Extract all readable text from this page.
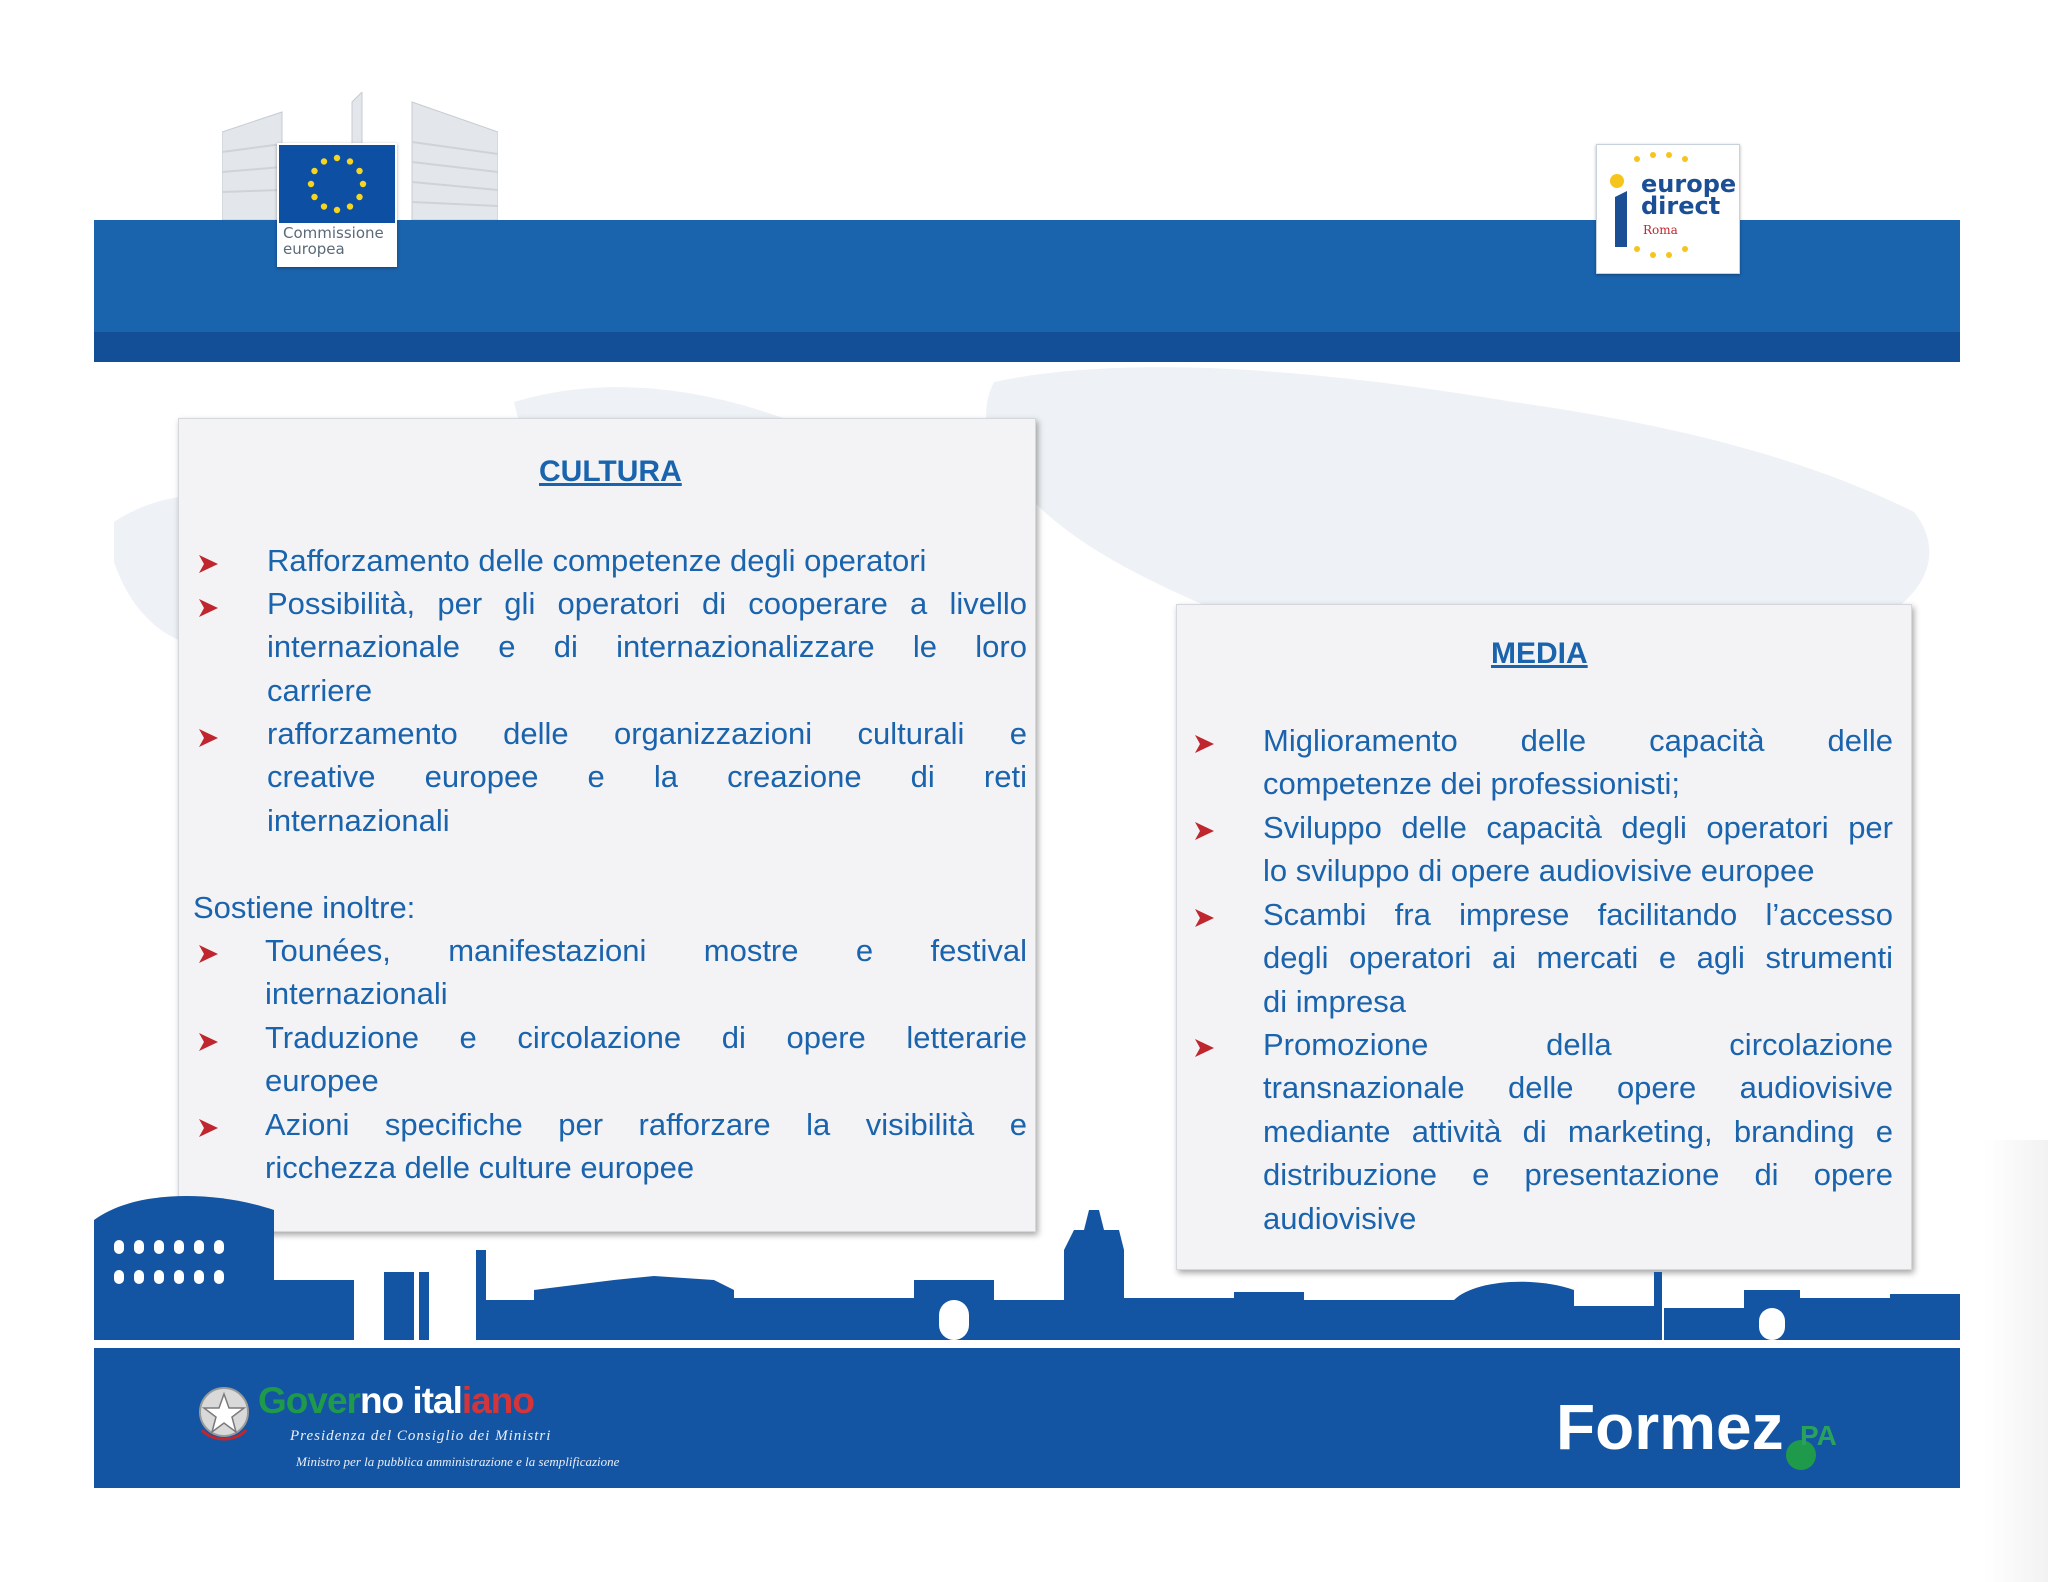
Commissione
europea
europe
direct
Roma
CULTURA
Rafforzamento delle competenze degli operatori
Possibilità, per gli operatori di cooperare a livello
internazionale e di internazionalizzare le loro
carriere
rafforzamento delle organizzazioni culturali e
creative europee e la creazione di reti
internazionali
Sostiene inoltre:
Tounées, manifestazioni mostre e festival
internazionali
Traduzione e circolazione di opere letterarie
europee
Azioni specifiche per rafforzare la visibilità e
ricchezza delle culture europee
MEDIA
Miglioramento delle capacità delle
competenze dei professionisti;
Sviluppo delle capacità degli operatori per
lo sviluppo di opere audiovisive europee
Scambi fra imprese facilitando l’accesso
degli operatori ai mercati e agli strumenti
di impresa
Promozione della circolazione
transnazionale delle opere audiovisive
mediante attività di marketing, branding e
distribuzione e presentazione di opere
audiovisive
Governo italiano
Presidenza del Consiglio dei Ministri
Ministro per la pubblica amministrazione e la semplificazione	Formez PA
